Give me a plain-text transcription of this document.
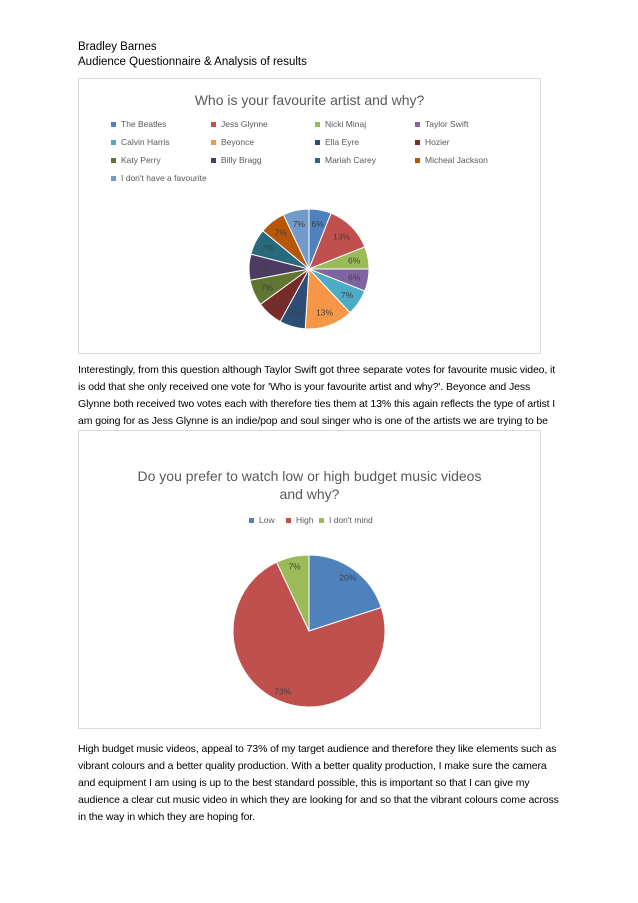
Bradley Barnes
Audience Questionnaire & Analysis of results
Who is your favourite artist and why?
The Beatles	Jess Glynne	Nicki Minaj	Taylor Swift
Calvin Harris	Beyonce	Ella Eyre	Hozier
Katy Perry	Billy Bragg	Mariah Carey	Micheal Jackson
I don't have a favourite
6%
13%
6%
6%
7%
13%
7%
7%
7%
7%
7%
7%
7%
Interestingly, from this question although Taylor Swift got three separate votes for favourite music video, it is odd that she only received one vote for 'Who is your favourite artist and why?'. Beyonce and Jess Glynne both received two votes each with therefore ties them at 13% this again reflects the type of artist I am going for as Jess Glynne is an indie/pop and soul singer who is one of the artists we are trying to be
Do you prefer to watch low or high budget music videos
and why?
Low	High I don't mind
20%
73%
7%
High budget music videos, appeal to 73% of my target audience and therefore they like elements such as vibrant colours and a better quality production. With a better quality production, I make sure the camera and equipment I am using is up to the best standard possible, this is important so that I can give my audience a clear cut music video in which they are looking for and so that the vibrant colours come across in the way in which they are hoping for.
